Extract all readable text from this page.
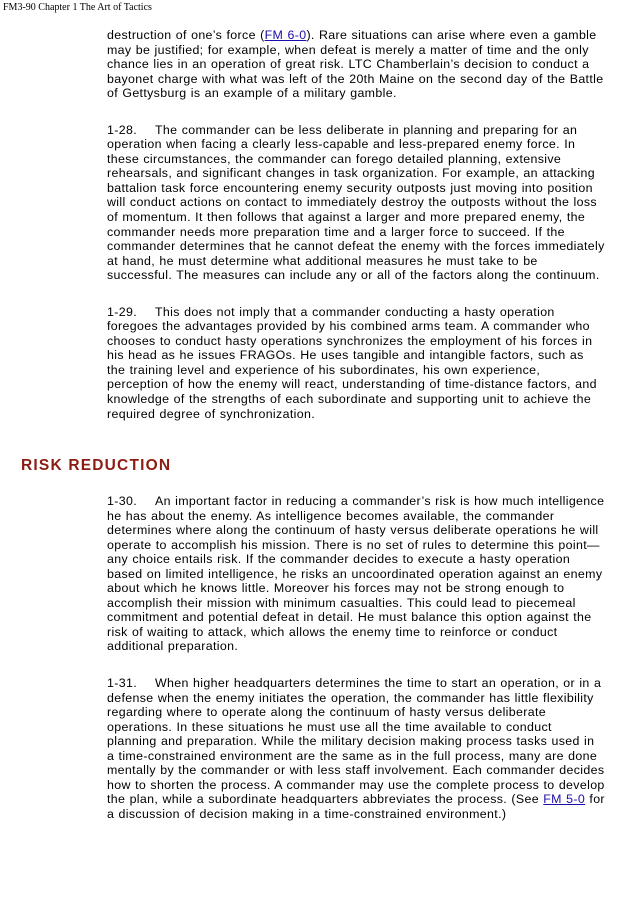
FM3-90 Chapter 1 The Art of Tactics

destruction of one’s force (FM 6-0). Rare situations can arise where even a gamble may be justified; for example, when defeat is merely a matter of time and the only chance lies in an operation of great risk. LTC Chamberlain’s decision to conduct a bayonet charge with what was left of the 20th Maine on the second day of the Battle of Gettysburg is an example of a military gamble.

1-28. The commander can be less deliberate in planning and preparing for an operation when facing a clearly less-capable and less-prepared enemy force. In these circumstances, the commander can forego detailed planning, extensive rehearsals, and significant changes in task organization. For example, an attacking battalion task force encountering enemy security outposts just moving into position will conduct actions on contact to immediately destroy the outposts without the loss of momentum. It then follows that against a larger and more prepared enemy, the commander needs more preparation time and a larger force to succeed. If the commander determines that he cannot defeat the enemy with the forces immediately at hand, he must determine what additional measures he must take to be successful. The measures can include any or all of the factors along the continuum.

1-29. This does not imply that a commander conducting a hasty operation foregoes the advantages provided by his combined arms team. A commander who chooses to conduct hasty operations synchronizes the employment of his forces in his head as he issues FRAGOs. He uses tangible and intangible factors, such as the training level and experience of his subordinates, his own experience, perception of how the enemy will react, understanding of time-distance factors, and knowledge of the strengths of each subordinate and supporting unit to achieve the required degree of synchronization.

RISK REDUCTION

1-30. An important factor in reducing a commander’s risk is how much intelligence he has about the enemy. As intelligence becomes available, the commander determines where along the continuum of hasty versus deliberate operations he will operate to accomplish his mission. There is no set of rules to determine this point—any choice entails risk. If the commander decides to execute a hasty operation based on limited intelligence, he risks an uncoordinated operation against an enemy about which he knows little. Moreover his forces may not be strong enough to accomplish their mission with minimum casualties. This could lead to piecemeal commitment and potential defeat in detail. He must balance this option against the risk of waiting to attack, which allows the enemy time to reinforce or conduct additional preparation.

1-31. When higher headquarters determines the time to start an operation, or in a defense when the enemy initiates the operation, the commander has little flexibility regarding where to operate along the continuum of hasty versus deliberate operations. In these situations he must use all the time available to conduct planning and preparation. While the military decision making process tasks used in a time-constrained environment are the same as in the full process, many are done mentally by the commander or with less staff involvement. Each commander decides how to shorten the process. A commander may use the complete process to develop the plan, while a subordinate headquarters abbreviates the process. (See FM 5-0 for a discussion of decision making in a time-constrained environment.)
